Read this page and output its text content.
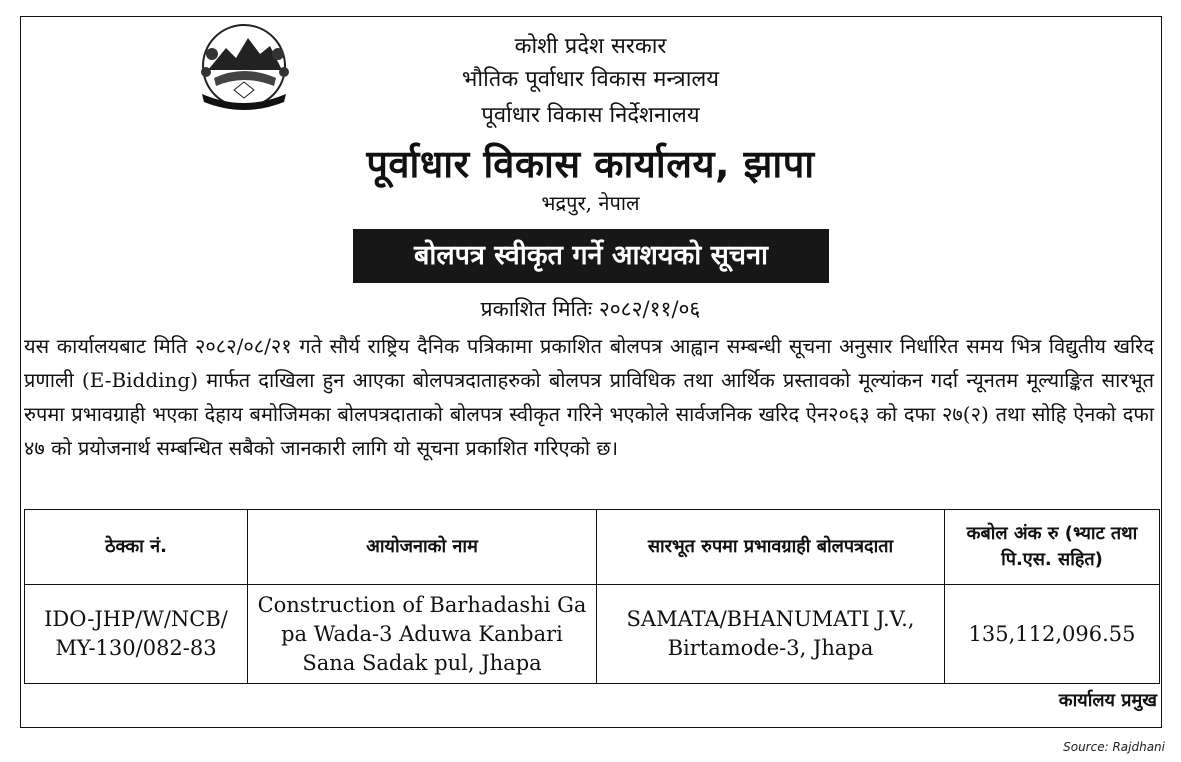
कोशी प्रदेश सरकार
भौतिक पूर्वाधार विकास मन्त्रालय
पूर्वाधार विकास निर्देशनालय
पूर्वाधार विकास कार्यालय, झापा
भद्रपुर, नेपाल
बोलपत्र स्वीकृत गर्ने आशयको सूचना
प्रकाशित मितिः २०८२/११/०६
यस कार्यालयबाट मिति २०८२/०८/२१ गते सौर्य राष्ट्रिय दैनिक पत्रिकामा प्रकाशित बोलपत्र आह्वान सम्बन्धी सूचना अनुसार निर्धारित समय भित्र विद्युतीय खरिद प्रणाली (E-Bidding) मार्फत दाखिला हुन आएका बोलपत्रदाताहरुको बोलपत्र प्राविधिक तथा आर्थिक प्रस्तावको मूल्यांकन गर्दा न्यूनतम मूल्याङ्कित सारभूत रुपमा प्रभावग्राही भएका देहाय बमोजिमका बोलपत्रदाताको बोलपत्र स्वीकृत गरिने भएकोले सार्वजनिक खरिद ऐन२०६३ को दफा २७(२) तथा सोहि ऐनको दफा ४७ को प्रयोजनार्थ सम्बन्धित सबैको जानकारी लागि यो सूचना प्रकाशित गरिएको छ।
ठेक्का नं.	आयोजनाको नाम	सारभूत रुपमा प्रभावग्राही बोलपत्रदाता	कबोल अंक रु (भ्याट तथा पि.एस. सहित)
IDO-JHP/W/NCB/ MY-130/082-83	Construction of Barhadashi Ga pa Wada-3 Aduwa Kanbari Sana Sadak pul, Jhapa	SAMATA/BHANUMATI J.V., Birtamode-3, Jhapa	135,112,096.55
कार्यालय प्रमुख
Source: Rajdhani
